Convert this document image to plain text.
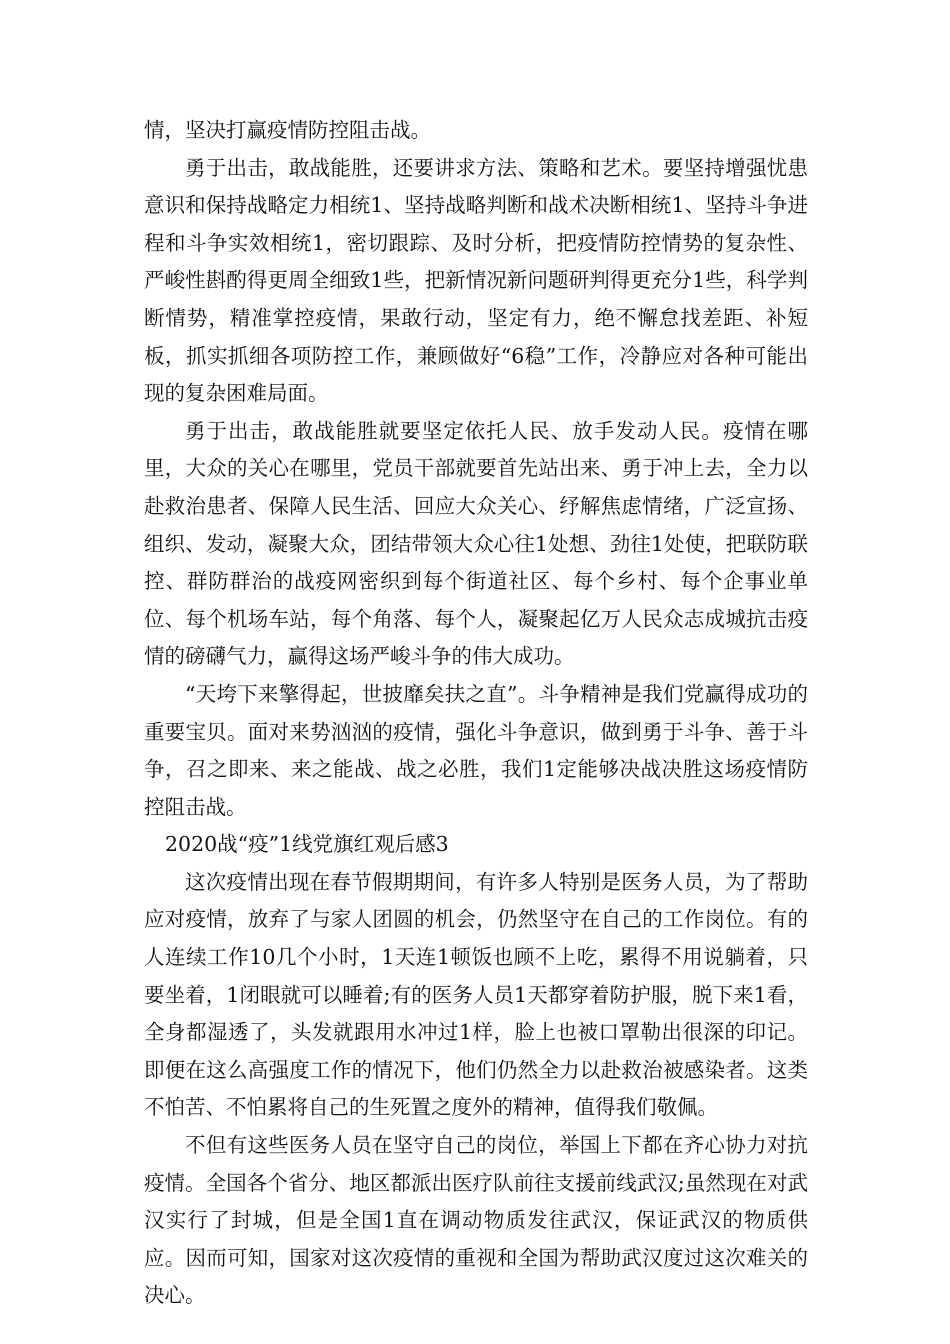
情，坚决打赢疫情防控阻击战。

勇于出击，敢战能胜，还要讲求方法、策略和艺术。要坚持增强忧患意识和保持战略定力相统1、坚持战略判断和战术决断相统1、坚持斗争进程和斗争实效相统1，密切跟踪、及时分析，把疫情防控情势的复杂性、严峻性斟酌得更周全细致1些，把新情况新问题研判得更充分1些，科学判断情势，精准掌控疫情，果敢行动，坚定有力，绝不懈怠找差距、补短板，抓实抓细各项防控工作，兼顾做好“6稳”工作，冷静应对各种可能出现的复杂困难局面。

勇于出击，敢战能胜就要坚定依托人民、放手发动人民。疫情在哪里，大众的关心在哪里，党员干部就要首先站出来、勇于冲上去，全力以赴救治患者、保障人民生活、回应大众关心、纾解焦虑情绪，广泛宣扬、组织、发动，凝聚大众，团结带领大众心往1处想、劲往1处使，把联防联控、群防群治的战疫网密织到每个街道社区、每个乡村、每个企事业单位、每个机场车站，每个角落、每个人，凝聚起亿万人民众志成城抗击疫情的磅礴气力，赢得这场严峻斗争的伟大成功。

“天垮下来擎得起，世披靡矣扶之直”。斗争精神是我们党赢得成功的重要宝贝。面对来势汹汹的疫情，强化斗争意识，做到勇于斗争、善于斗争，召之即来、来之能战、战之必胜，我们1定能够决战决胜这场疫情防控阻击战。

2020战“疫”1线党旗红观后感3

这次疫情出现在春节假期期间，有许多人特别是医务人员，为了帮助应对疫情，放弃了与家人团圆的机会，仍然坚守在自己的工作岗位。有的人连续工作10几个小时，1天连1顿饭也顾不上吃，累得不用说躺着，只要坐着，1闭眼就可以睡着;有的医务人员1天都穿着防护服，脱下来1看，全身都湿透了，头发就跟用水冲过1样，脸上也被口罩勒出很深的印记。即便在这么高强度工作的情况下，他们仍然全力以赴救治被感染者。这类不怕苦、不怕累将自己的生死置之度外的精神，值得我们敬佩。

不但有这些医务人员在坚守自己的岗位，举国上下都在齐心协力对抗疫情。全国各个省分、地区都派出医疗队前往支援前线武汉;虽然现在对武汉实行了封城，但是全国1直在调动物质发往武汉，保证武汉的物质供应。因而可知，国家对这次疫情的重视和全国为帮助武汉度过这次难关的决心。
